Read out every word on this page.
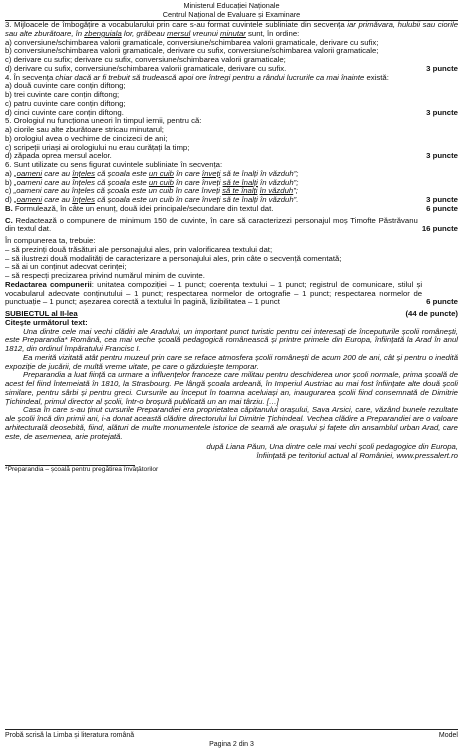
Ministerul Educației Naționale
Centrul Național de Evaluare și Examinare

3. Mijloacele de îmbogățire a vocabularului prin care s-au format cuvintele subliniate din secvența iar primăvara, hulubii sau ciorile sau alte zburătoare, în zbenguiala lor, grăbeau mersul vreunui minutar sunt, în ordine:

a) conversiune/schimbarea valorii gramaticale, conversiune/schimbarea valorii gramaticale, derivare cu sufix;

b) conversiune/schimbarea valorii gramaticale, derivare cu sufix, conversiune/schimbarea valorii gramaticale;

c) derivare cu sufix; derivare cu sufix, conversiune/schimbarea valorii gramaticale;

d) derivare cu sufix, conversiune/schimbarea valorii gramaticale, derivare cu sufix.	3 puncte

4. În secvența chiar dacă ar fi trebuit să trudească apoi ore întregi pentru a rândui lucrurile ca mai înainte există:

a) două cuvinte care conțin diftong;

b) trei cuvinte care conțin diftong;

c) patru cuvinte care conțin diftong;

d) cinci cuvinte care conțin diftong.	3 puncte

5. Orologiul nu funcționa uneori în timpul iernii, pentru că:

a) ciorile sau alte zburătoare stricau minutarul;

b) orologiul avea o vechime de cincizeci de ani;

c) scripeții uriași ai orologiului nu erau curățați la timp;

d) zăpada oprea mersul acelor.	3 puncte

6. Sunt utilizate cu sens figurat cuvintele subliniate în secvența:

a) „oameni care au înțeles că școala este un cuib în care înveți să te înalți în văzduh”;

b) „oameni care au înțeles că școala este un cuib în care înveți să te înalți în văzduh”;

c) „oameni care au înțeles că școala este un cuib în care înveți să te înalți în văzduh”;

d) „oameni care au înțeles că școala este un cuib în care înveți să te înalți în văzduh”.	3 puncte
B. Formulează, în câte un enunț, două idei principale/secundare din textul dat.	6 puncte
C. Redactează o compunere de minimum 150 de cuvinte, în care să caracterizezi personajul moș Timofte Păstrăvanu din textul dat.	16 puncte

În compunerea ta, trebuie:

– să prezinți două trăsături ale personajului ales, prin valorificarea textului dat;

– să ilustrezi două modalități de caracterizare a personajului ales, prin câte o secvență comentată;

– să ai un conținut adecvat cerinței;

– să respecți precizarea privind numărul minim de cuvinte.

Redactarea compunerii: unitatea compoziției – 1 punct; coerența textului – 1 punct; registrul de comunicare, stilul și vocabularul adecvate conținutului – 1 punct; respectarea normelor de ortografie – 1 punct; respectarea normelor de punctuație – 1 punct; așezarea corectă a textului în pagină, lizibilitatea – 1 punct	6 puncte
SUBIECTUL al II-lea	(44 de puncte)

Citește următorul text:

Una dintre cele mai vechi clădiri ale Aradului, un important punct turistic pentru cei interesați de începuturile școlii românești, este Preparandia* Română, cea mai veche școală pedagogică românească și printre primele din Europa, înființată la Arad în anul 1812, din ordinul împăratului Francisc I.

Ea merită vizitată atât pentru muzeul prin care se reface atmosfera școlii românești de acum 200 de ani, cât și pentru o inedită expoziție de jucării, de multă vreme uitate, pe care o găzduiește temporar.

Preparandia a luat ființă ca urmare a influențelor franceze care militau pentru deschiderea unor școli normale, prima școală de acest fel fiind întemeiată în 1810, la Strasbourg. Pe lângă școala ardeană, în Imperiul Austriac au mai fost înființate alte două școli similare, pentru sârbi și pentru greci. Cursurile au început în toamna aceluiași an, inaugurarea școlii fiind consemnată de Dimitrie Țichindeal, primul director al școlii, într-o broșură publicată un an mai târziu. […]

Casa în care s-au ținut cursurile Preparandiei era proprietatea căpitanului orașului, Sava Arsici, care, văzând bunele rezultate ale școlii încă din primii ani, i-a donat această clădire directorului lui Dimitrie Țichindeal. Vechea clădire a Preparandiei are o valoare arhitecturală deosebită, fiind, alături de multe monumentele istorice de seamă ale orașului și fațete din ansamblul urban Arad, care este, de asemenea, arie protejată.

după Liana Păun, Una dintre cele mai vechi școli pedagogice din Europa,
înființată pe teritoriul actual al României, www.pressalert.ro
*Preparandia – școală pentru pregătirea învățătorilor
Probă scrisă la Limba și literatura română	Model
Pagina 2 din 3
